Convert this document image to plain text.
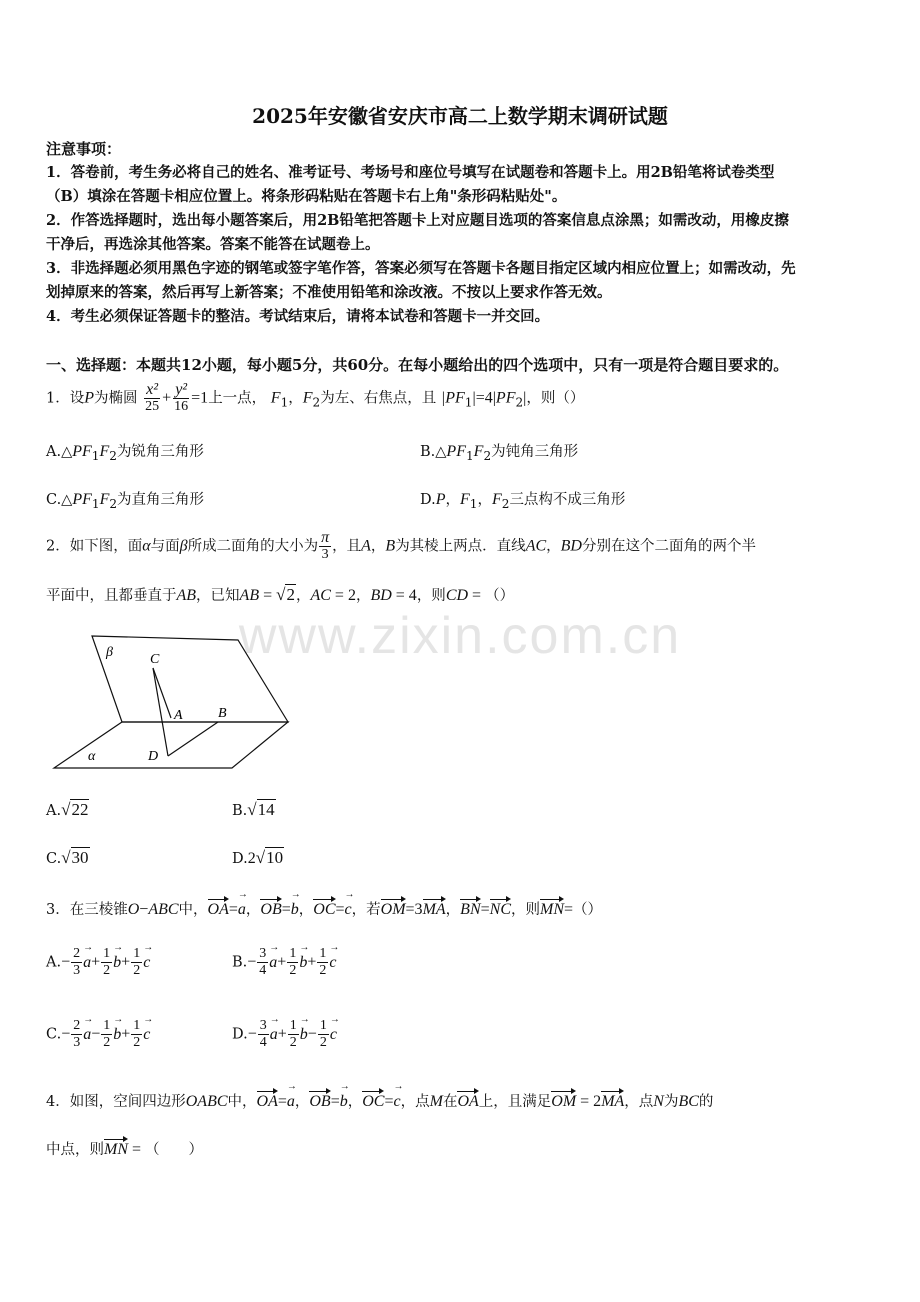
www.zixin.com.cn
2025年安徽省安庆市高二上数学期末调研试题
注意事项：
1．答卷前，考生务必将自己的姓名、准考证号、考场号和座位号填写在试题卷和答题卡上。用2B铅笔将试卷类型
（B）填涂在答题卡相应位置上。将条形码粘贴在答题卡右上角"条形码粘贴处"。
2．作答选择题时，选出每小题答案后，用2B铅笔把答题卡上对应题目选项的答案信息点涂黑；如需改动，用橡皮擦
干净后，再选涂其他答案。答案不能答在试题卷上。
3．非选择题必须用黑色字迹的钢笔或签字笔作答，答案必须写在答题卡各题目指定区域内相应位置上；如需改动，先
划掉原来的答案，然后再写上新答案；不准使用铅笔和涂改液。不按以上要求作答无效。
4．考生必须保证答题卡的整洁。考试结束后，请将本试卷和答题卡一并交回。
一、选择题：本题共12小题，每小题5分，共60分。在每小题给出的四个选项中，只有一项是符合题目要求的。
1．设P为椭圆 $\frac{\text{x²}}{25} + \frac{\text{y²}}{16} =1$上一点， $F_1$，$F_2$为左、右焦点，且 $|PF_1|=4|PF_2|$，则（）
$A.\triangle PF_1F_2$为锐角三角形	$B.\triangle PF_1F_2$为钝角三角形
$C.\triangle PF_1F_2$为直角三角形	D.P，$F_1$，$F_2$三点构不成三角形
2．如下图，面α与面β所成二面角的大小为 $\frac{\pi}{3}$ ，且A，B为其棱上两点．直线AC，BD分别在这个二面角的两个半
平面中，且都垂直于AB，已知AB = √2，AC = 2，BD = 4，则CD = （）
β	C
A	B
α	D
A.√22	B.√14
C.√30	D.2√10
3．在三棱锥O−ABC中，OA=→ a，OB=→ b，OC=→ c，若OM=3MA，BN=NC，则MN=（）
$A.- \frac{2}{3}$
→ $a+ \frac{1}{2}$
→ $b+ \frac{1}{2}$
→ c	$B.- \frac{3}{4}$
→ $a+ \frac{1}{2}$
→ $b+ \frac{1}{2}$
→ c
$C.- \frac{2}{3}$
→ $a- \frac{1}{2}$
→ $b+ \frac{1}{2}$
→ c	$D.- \frac{3}{4}$
→ $a+ \frac{1}{2}$
→ $b- \frac{1}{2}$
→ c
4．如图，空间四边形OABC中，OA=→ a，OB=→ b，OC=→ c，点M在OA上，且满足OM = 2MA，点N为BC的
中点，则MN = （　　）
